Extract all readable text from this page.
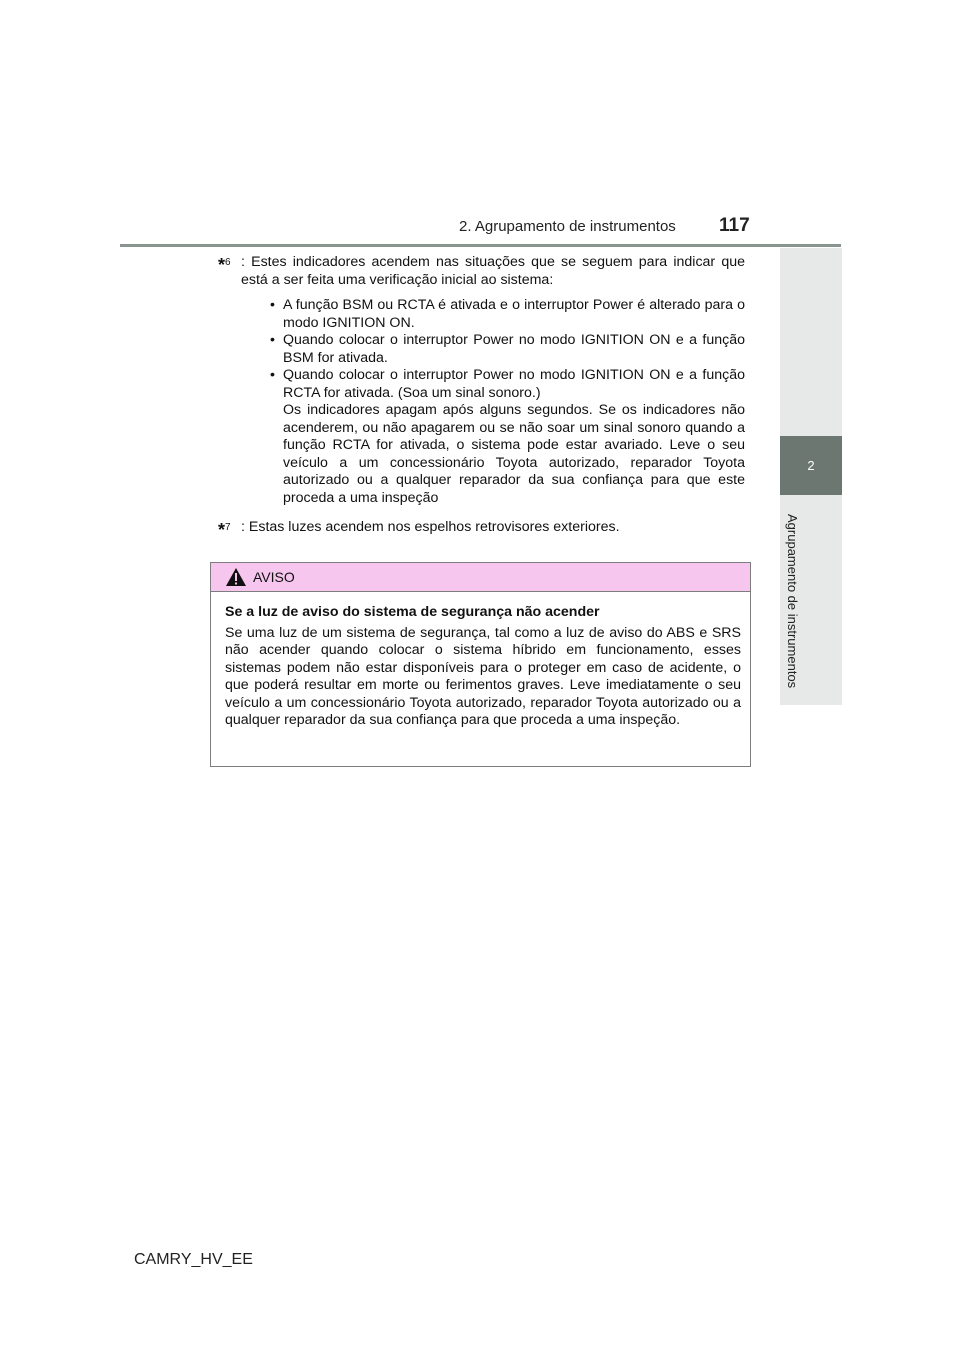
2. Agrupamento de instrumentos 117
2
Agrupamento de instrumentos
*$^6$ : Estes indicadores acendem nas situações que se seguem para indicar que está a ser feita uma verificação inicial ao sistema:
• A função BSM ou RCTA é ativada e o interruptor Power é alterado para o modo IGNITION ON.
• Quando colocar o interruptor Power no modo IGNITION ON e a função BSM for ativada.
• Quando colocar o interruptor Power no modo IGNITION ON e a função RCTA for ativada. (Soa um sinal sonoro.)
Os indicadores apagam após alguns segundos. Se os indicadores não acenderem, ou não apagarem ou se não soar um sinal sonoro quando a função RCTA for ativada, o sistema pode estar avariado. Leve o seu veículo a um concessionário Toyota autorizado, reparador Toyota autorizado ou a qualquer reparador da sua confiança para que este proceda a uma inspeção
*$^7$ : Estas luzes acendem nos espelhos retrovisores exteriores.
AVISO
Se a luz de aviso do sistema de segurança não acender
Se uma luz de um sistema de segurança, tal como a luz de aviso do ABS e SRS não acender quando colocar o sistema híbrido em funcionamento, esses sistemas podem não estar disponíveis para o proteger em caso de acidente, o que poderá resultar em morte ou ferimentos graves. Leve imediatamente o seu veículo a um concessionário Toyota autorizado, reparador Toyota autorizado ou a qualquer reparador da sua confiança para que proceda a uma inspeção.
CAMRY_HV_EE
